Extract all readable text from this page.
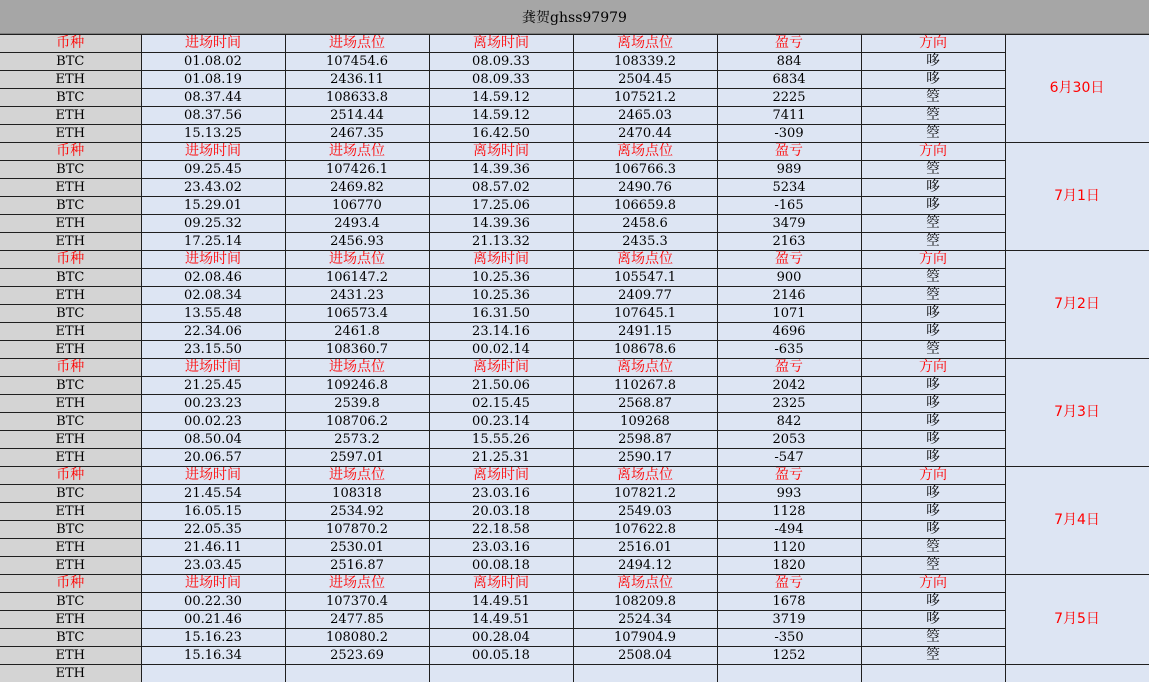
龚贺ghss97979
币种	进场时间	进场点位	离场时间	离场点位	盈亏	方向	6月30日
BTC	01.08.02	107454.6	08.09.33	108339.2	884	哆	
ETH	01.08.19	2436.11	08.09.33	2504.45	6834	哆	
BTC	08.37.44	108633.8	14.59.12	107521.2	2225	箜	
ETH	08.37.56	2514.44	14.59.12	2465.03	7411	箜	
ETH	15.13.25	2467.35	16.42.50	2470.44	-309	箜	
币种	进场时间	进场点位	离场时间	离场点位	盈亏	方向	7月1日
BTC	09.25.45	107426.1	14.39.36	106766.3	989	箜	
ETH	23.43.02	2469.82	08.57.02	2490.76	5234	哆	
BTC	15.29.01	106770	17.25.06	106659.8	-165	哆	
ETH	09.25.32	2493.4	14.39.36	2458.6	3479	箜	
ETH	17.25.14	2456.93	21.13.32	2435.3	2163	箜	
币种	进场时间	进场点位	离场时间	离场点位	盈亏	方向	7月2日
BTC	02.08.46	106147.2	10.25.36	105547.1	900	箜	
ETH	02.08.34	2431.23	10.25.36	2409.77	2146	箜	
BTC	13.55.48	106573.4	16.31.50	107645.1	1071	哆	
ETH	22.34.06	2461.8	23.14.16	2491.15	4696	哆	
ETH	23.15.50	108360.7	00.02.14	108678.6	-635	箜	
币种	进场时间	进场点位	离场时间	离场点位	盈亏	方向	7月3日
BTC	21.25.45	109246.8	21.50.06	110267.8	2042	哆	
ETH	00.23.23	2539.8	02.15.45	2568.87	2325	哆	
BTC	00.02.23	108706.2	00.23.14	109268	842	哆	
ETH	08.50.04	2573.2	15.55.26	2598.87	2053	哆	
ETH	20.06.57	2597.01	21.25.31	2590.17	-547	哆	
币种	进场时间	进场点位	离场时间	离场点位	盈亏	方向	7月4日
BTC	21.45.54	108318	23.03.16	107821.2	993	哆	
ETH	16.05.15	2534.92	20.03.18	2549.03	1128	哆	
BTC	22.05.35	107870.2	22.18.58	107622.8	-494	哆	
ETH	21.46.11	2530.01	23.03.16	2516.01	1120	箜	
ETH	23.03.45	2516.87	00.08.18	2494.12	1820	箜	
币种	进场时间	进场点位	离场时间	离场点位	盈亏	方向	7月5日
BTC	00.22.30	107370.4	14.49.51	108209.8	1678	哆	
ETH	00.21.46	2477.85	14.49.51	2524.34	3719	哆	
BTC	15.16.23	108080.2	00.28.04	107904.9	-350	箜	
ETH	15.16.34	2523.69	00.05.18	2508.04	1252	箜	
ETH							
